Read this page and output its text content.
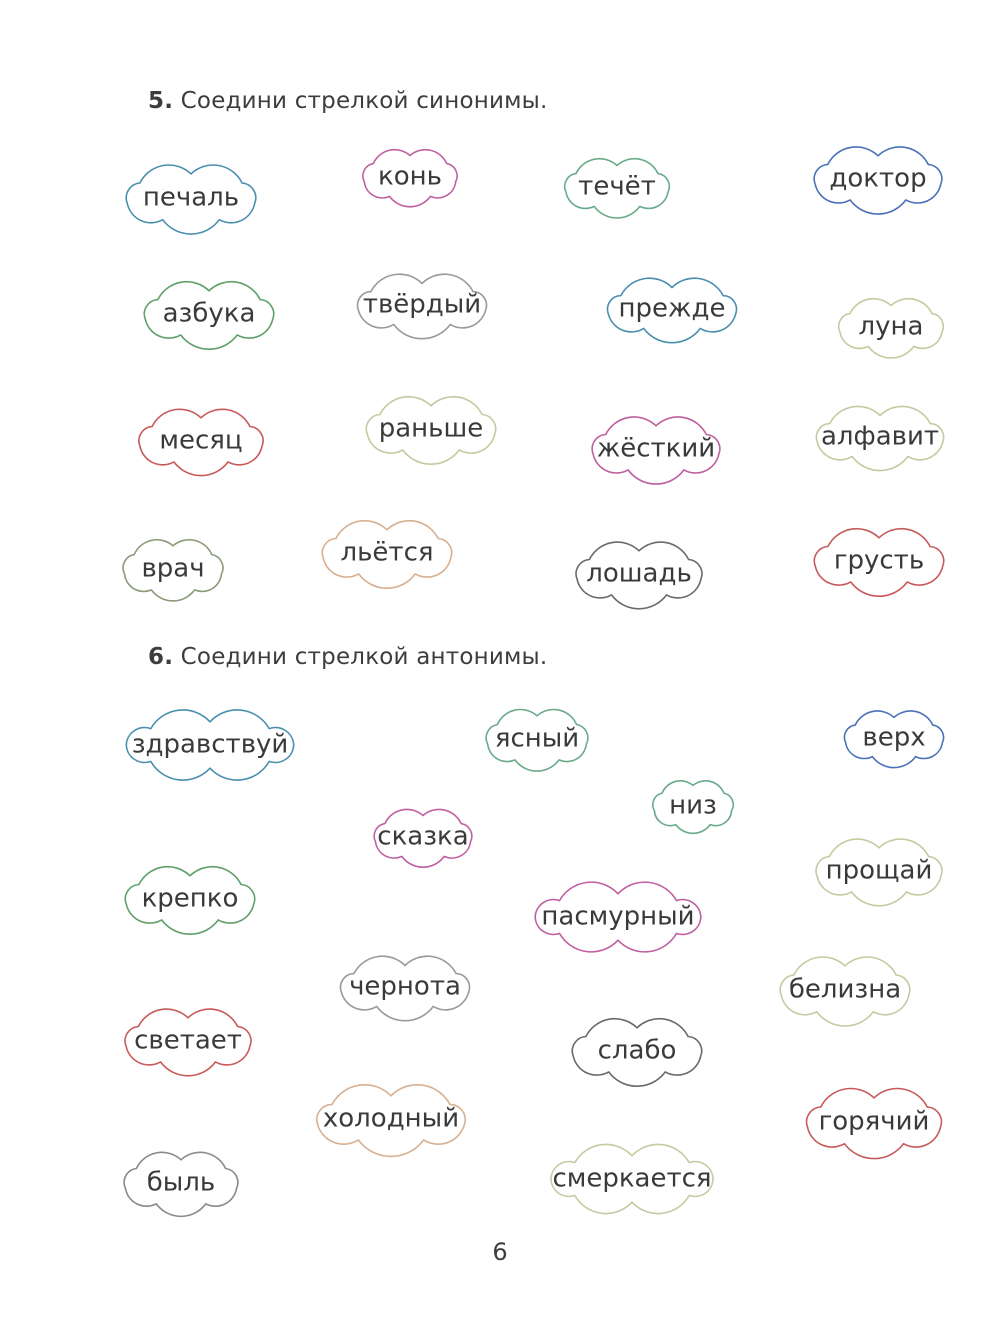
5. Соедини стрелкой синонимы.
печаль
конь	течёт	доктор
азбука	твёрдый	прежде
луна
месяц	раньше
жёсткий	алфавит
врач
льётся
лошадь	грусть
6. Соедини стрелкой антонимы.
здравствуй	ясный	верх
низ
сказка
прощай
крепко
пасмурный
чернота	белизна
светает	слабо
холодный	горячий
быль	смеркается
6
